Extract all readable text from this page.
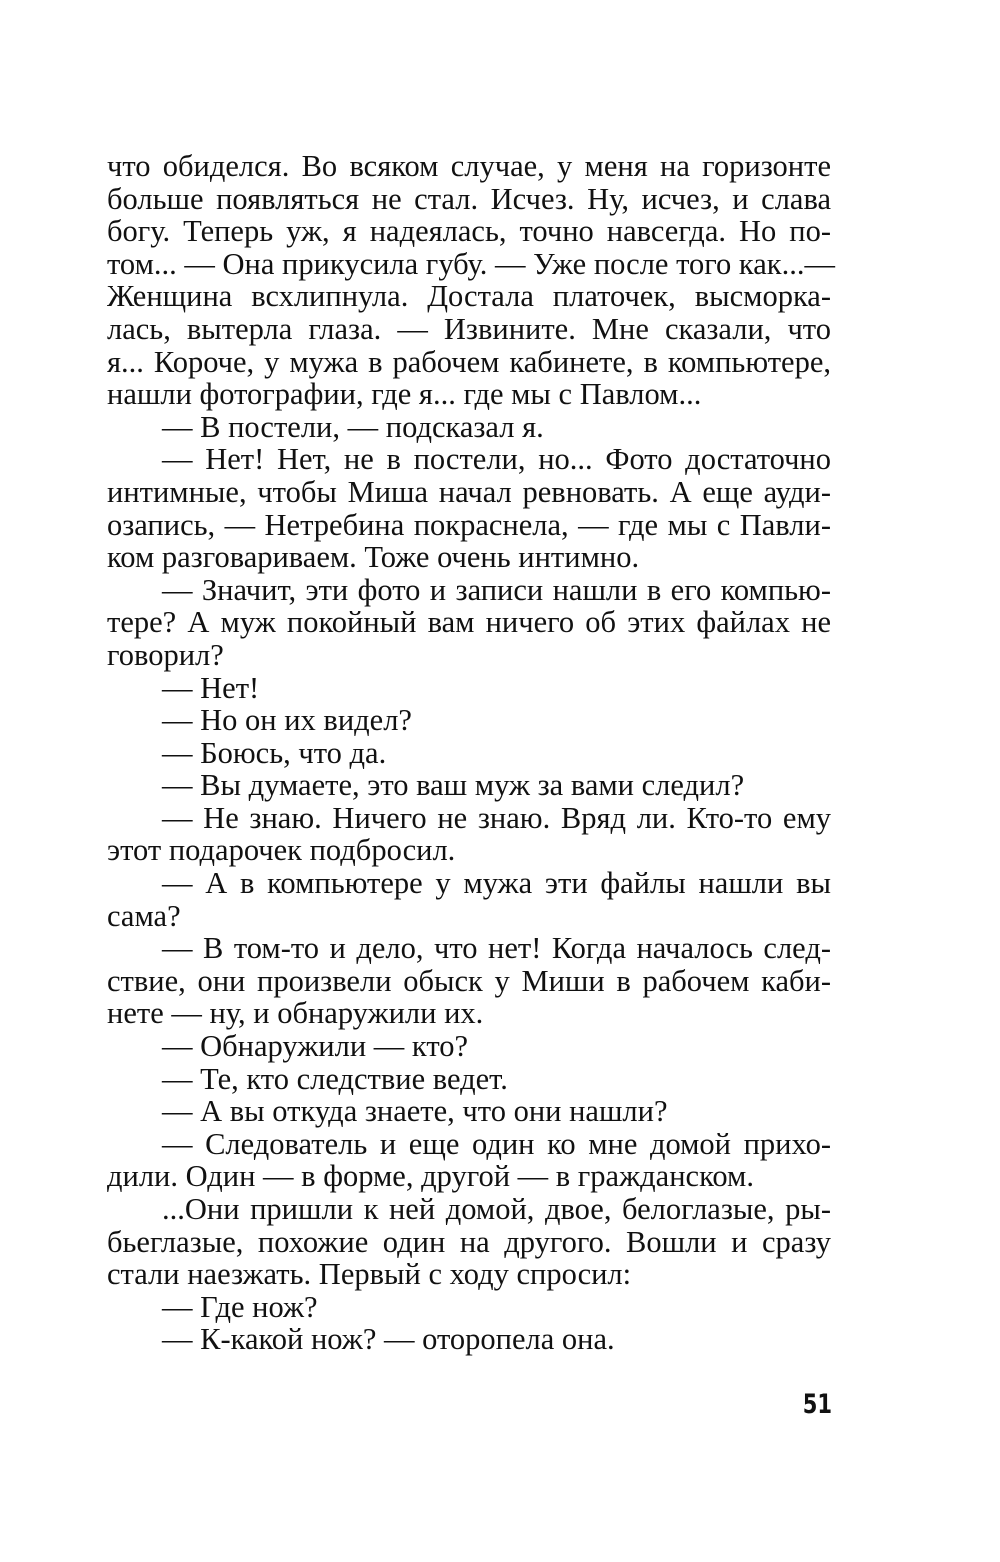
что обиделся. Во всяком случае, у меня на горизонте
больше появляться не стал. Исчез. Ну, исчез, и слава
богу. Теперь уж, я надеялась, точно навсегда. Но по-
том... — Она прикусила губу. — Уже после того как...—
Женщина всхлипнула. Достала платочек, высморка-
лась, вытерла глаза. — Извините. Мне сказали, что
я... Короче, у мужа в рабочем кабинете, в компьютере,
нашли фотографии, где я... где мы с Павлом...
— В постели, — подсказал я.
— Нет! Нет, не в постели, но... Фото достаточно
интимные, чтобы Миша начал ревновать. А еще ауди-
озапись, — Нетребина покраснела, — где мы с Павли-
ком разговариваем. Тоже очень интимно.
— Значит, эти фото и записи нашли в его компью-
тере? А муж покойный вам ничего об этих файлах не
говорил?
— Нет!
— Но он их видел?
— Боюсь, что да.
— Вы думаете, это ваш муж за вами следил?
— Не знаю. Ничего не знаю. Вряд ли. Кто-то ему
этот подарочек подбросил.
— А в компьютере у мужа эти файлы нашли вы
сама?
— В том-то и дело, что нет! Когда началось след-
ствие, они произвели обыск у Миши в рабочем каби-
нете — ну, и обнаружили их.
— Обнаружили — кто?
— Те, кто следствие ведет.
— А вы откуда знаете, что они нашли?
— Следователь и еще один ко мне домой прихо-
дили. Один — в форме, другой — в гражданском.
...Они пришли к ней домой, двое, белоглазые, ры-
бьеглазые, похожие один на другого. Вошли и сразу
стали наезжать. Первый с ходу спросил:
— Где нож?
— К-какой нож? — оторопела она.
51
